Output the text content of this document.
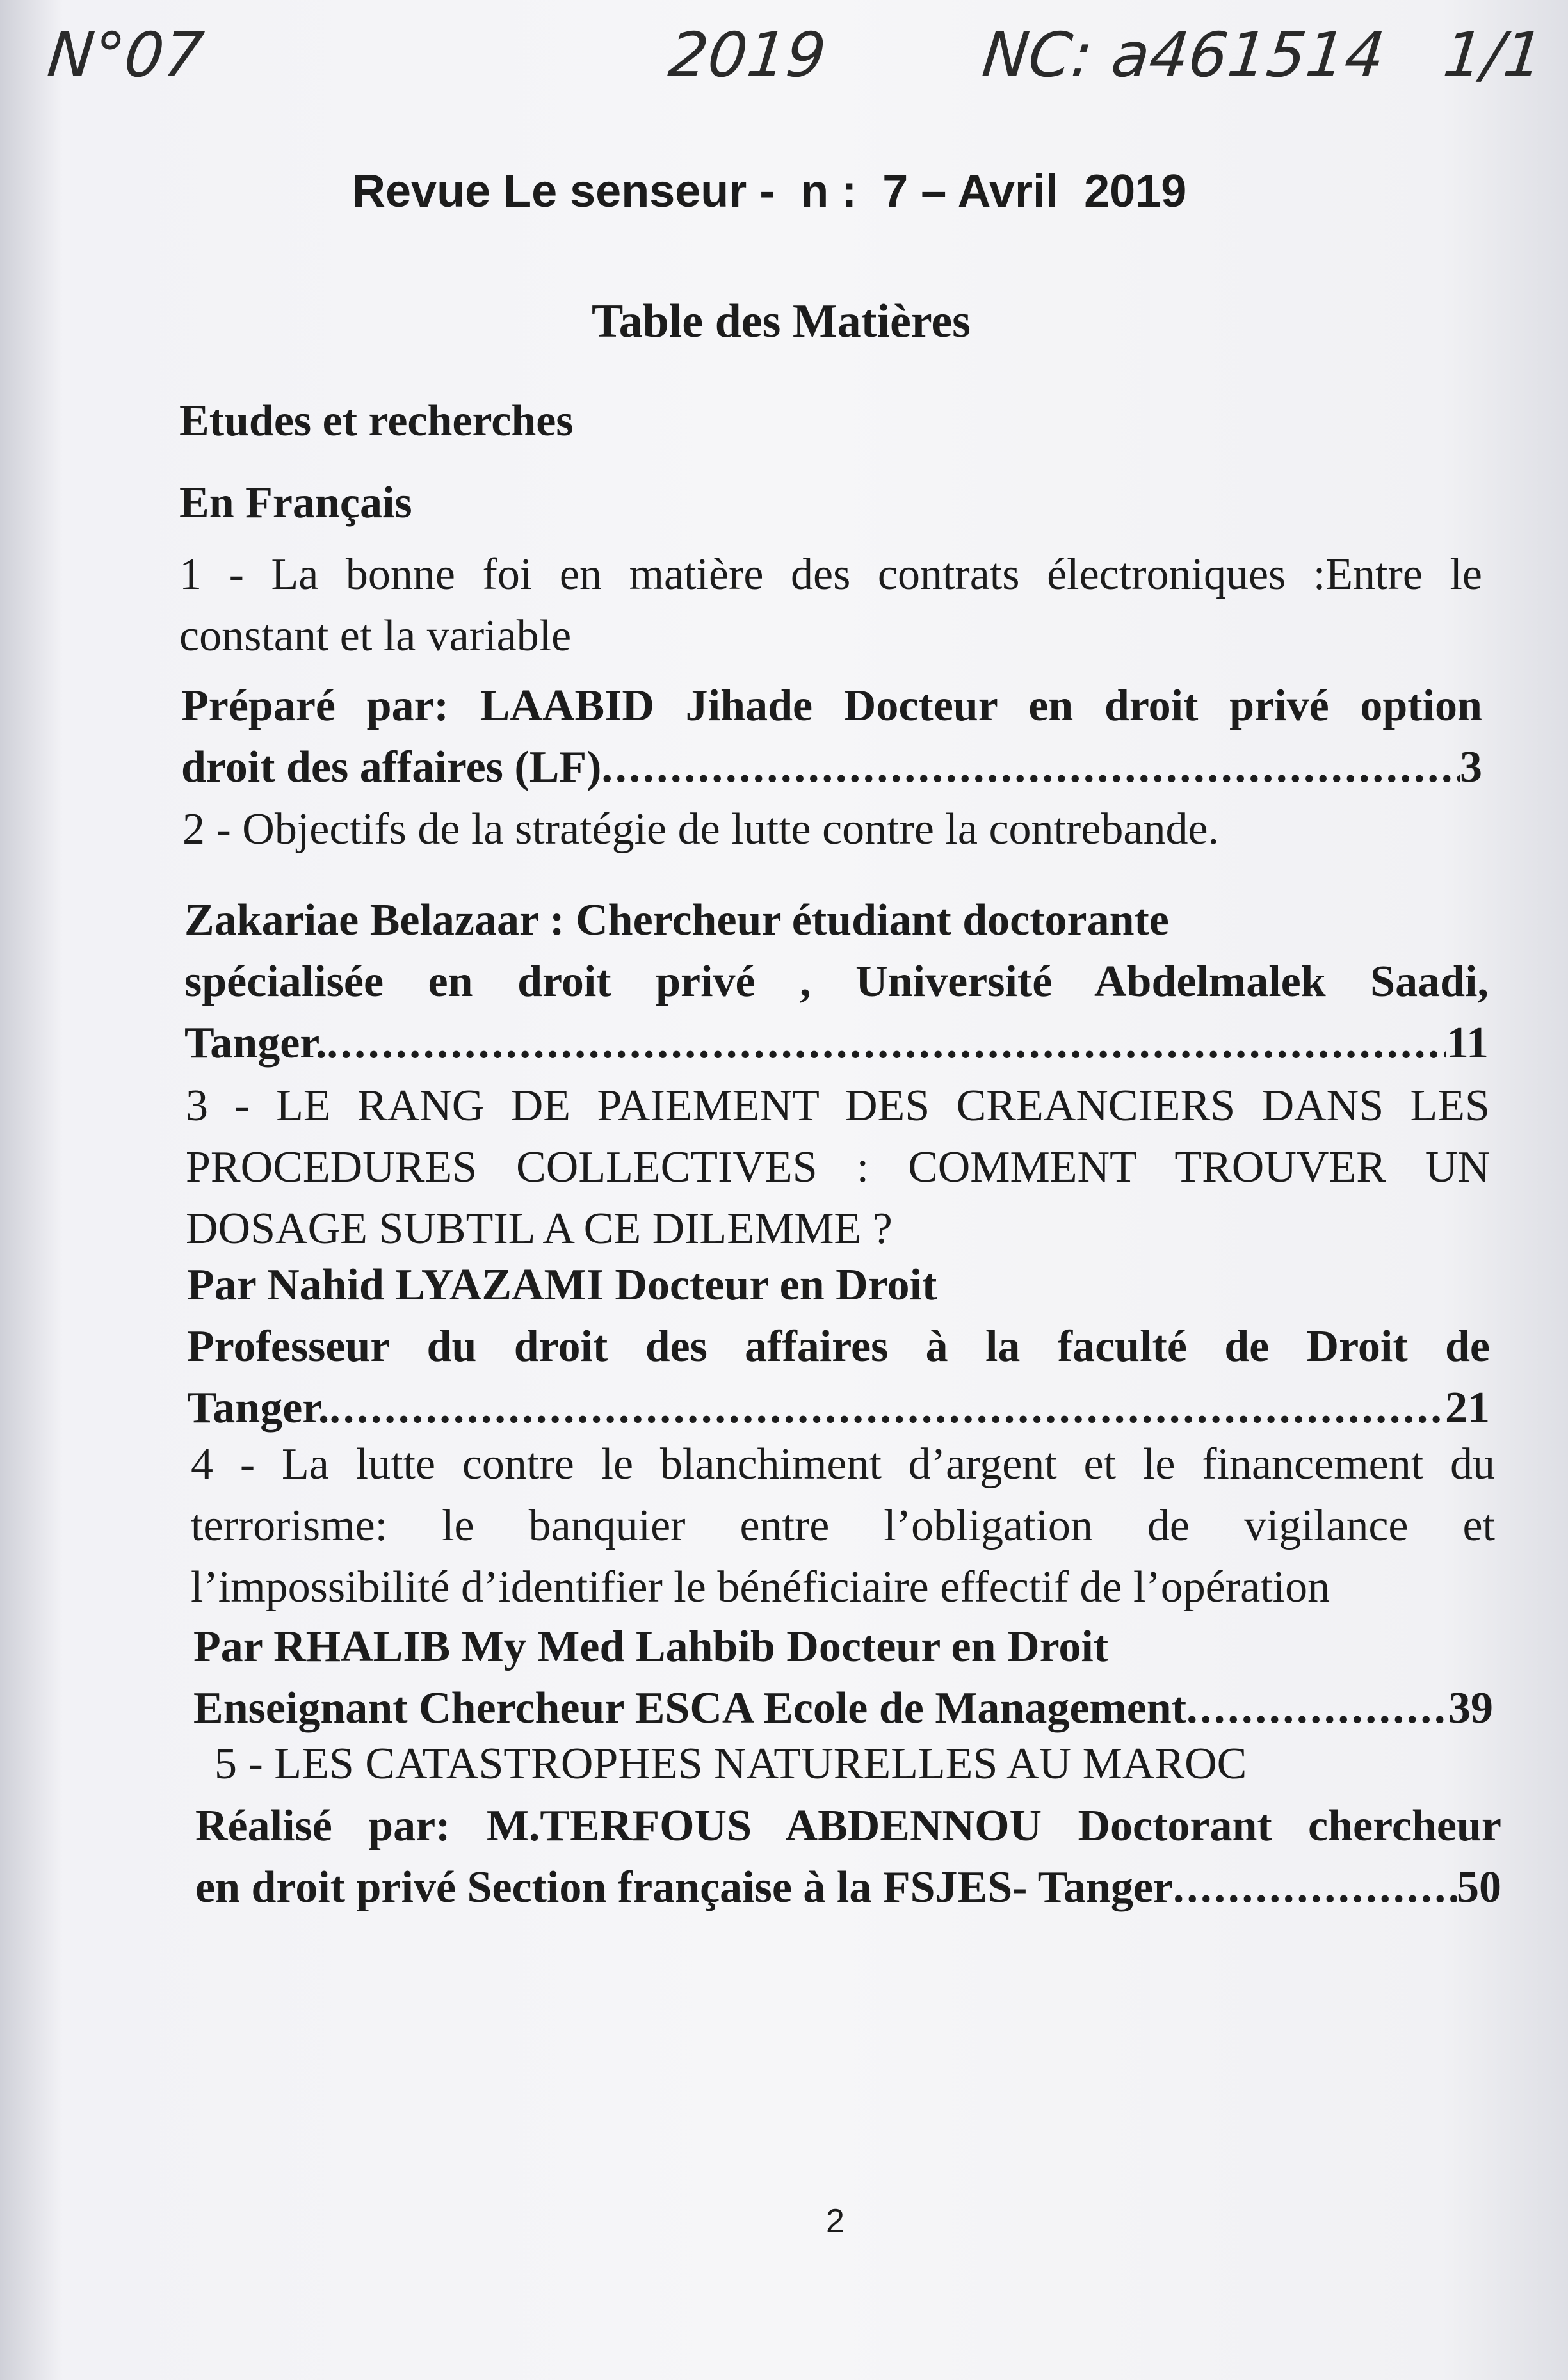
N°07	2019 NC: a461514 1/1
Revue Le senseur -  n :  7 – Avril  2019
Table des Matières
Etudes et recherches
En Français
1 - La bonne foi en matière des contrats électroniques :Entre le
constant et la variable
Préparé par: LAABID Jihade Docteur en droit privé option
droit des affaires (LF) .....	3
2 - Objectifs de la stratégie de lutte contre la contrebande.
Zakariae Belazaar : Chercheur étudiant doctorante
spécialisée en droit privé , Université Abdelmalek Saadi,
Tanger. .....	11
3 - LE RANG DE PAIEMENT DES CREANCIERS DANS LES
PROCEDURES COLLECTIVES : COMMENT TROUVER UN
DOSAGE SUBTIL A CE DILEMME ?
Par Nahid LYAZAMI Docteur en Droit
Professeur du droit des affaires à la faculté de Droit de
Tanger. .....	21
4 - La lutte contre le blanchiment d’argent et le financement du
terrorisme: le banquier entre l’obligation de vigilance et
l’impossibilité d’identifier le bénéficiaire effectif de l’opération
Par RHALIB My Med Lahbib Docteur en Droit
Enseignant Chercheur ESCA Ecole de Management .....	39
5 - LES CATASTROPHES NATURELLES AU MAROC
Réalisé par: M.TERFOUS ABDENNOU Doctorant chercheur
en droit privé Section française à la FSJES- Tanger .....	50
2
